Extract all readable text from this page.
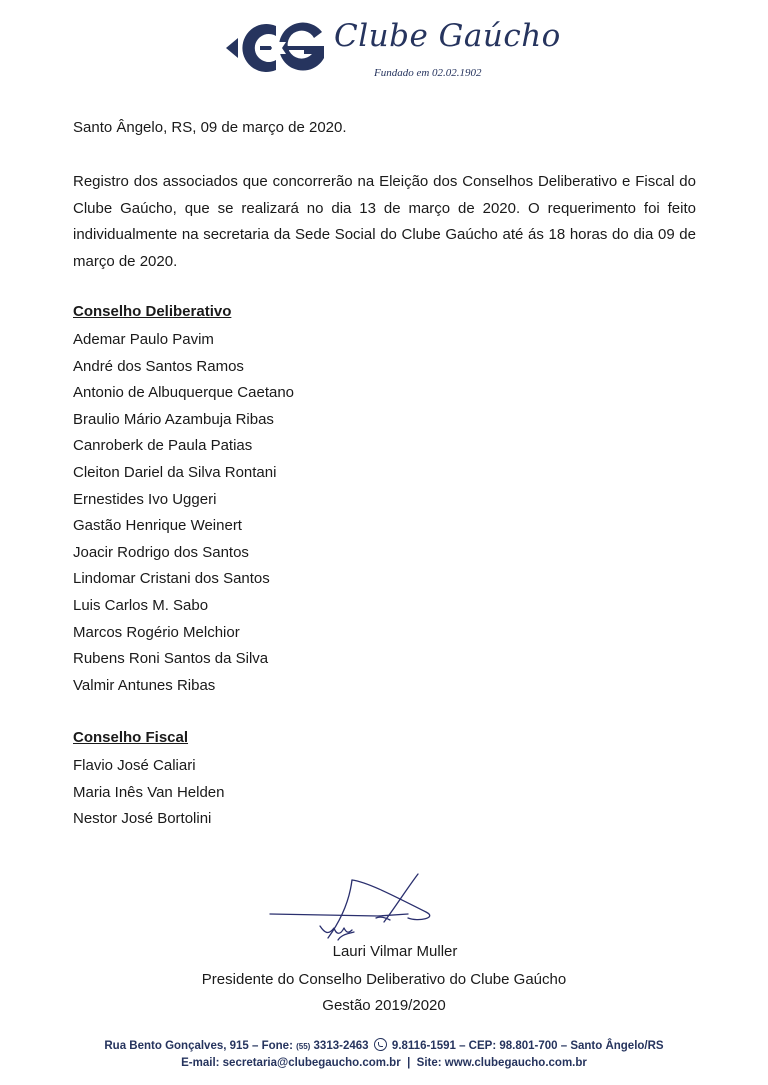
Clube Gaúcho
Fundado em 02.02.1902
Santo Ângelo, RS, 09 de março de 2020.

Registro dos associados que concorrerão na Eleição dos Conselhos Deliberativo e Fiscal do Clube Gaúcho, que se realizará no dia 13 de março de 2020. O requerimento foi feito individualmente na secretaria da Sede Social do Clube Gaúcho até ás 18 horas do dia 09 de março de 2020.

Conselho Deliberativo
Ademar Paulo Pavim
André dos Santos Ramos
Antonio de Albuquerque Caetano
Braulio Mário Azambuja Ribas
Canroberk de Paula Patias
Cleiton Dariel da Silva Rontani
Ernestides Ivo Uggeri
Gastão Henrique Weinert
Joacir Rodrigo dos Santos
Lindomar Cristani dos Santos
Luis Carlos M. Sabo
Marcos Rogério Melchior
Rubens Roni Santos da Silva
Valmir Antunes Ribas
Conselho Fiscal
Flavio José Caliari
Maria Inês Van Helden
Nestor José Bortolini
Lauri Vilmar Muller
Presidente do Conselho Deliberativo do Clube Gaúcho
Gestão 2019/2020
Rua Bento Gonçalves, 915 – Fone: (55) 3313-2463  9.8116-1591 – CEP: 98.801-700 – Santo Ângelo/RS
E-mail: secretaria@clubegaucho.com.br  |  Site: www.clubegaucho.com.br
